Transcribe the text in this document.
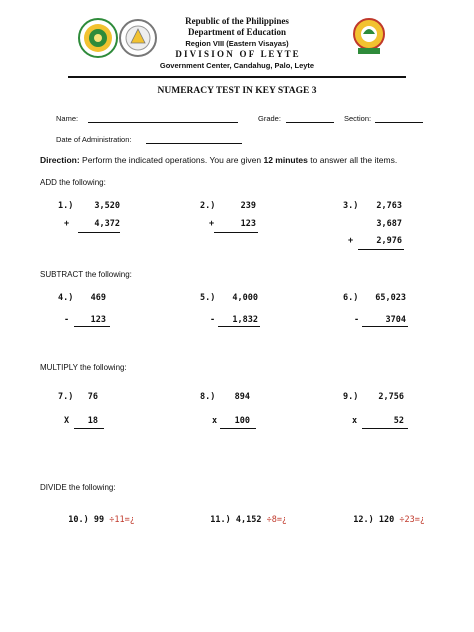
Republic of the Philippines
Department of Education
Region VIII (Eastern Visayas)
D I V I S I O N   O F   L E Y T E
Government Center, Candahug, Palo, Leyte
NUMERACY TEST IN KEY STAGE 3
Name:	Grade:	Section:
Date of Administration:
Direction: Perform the indicated operations. You are given 12 minutes to answer all the items.
ADD the following:
1.)	3,520
+	4,372
2.)	239
+	123
3.)	2,763
3,687
+	2,976
SUBTRACT the following:
4.)	469
-	123
5.)	4,000
-	1,832
6.)	65,023
-	3704
MULTIPLY the following:
7.)	76
X	18
8.)	894
x	100
9.)	2,756
x	52
DIVIDE the following:

10.) 99 ÷11=¿	11.) 4,152 ÷8=¿	12.) 120 ÷23=¿
